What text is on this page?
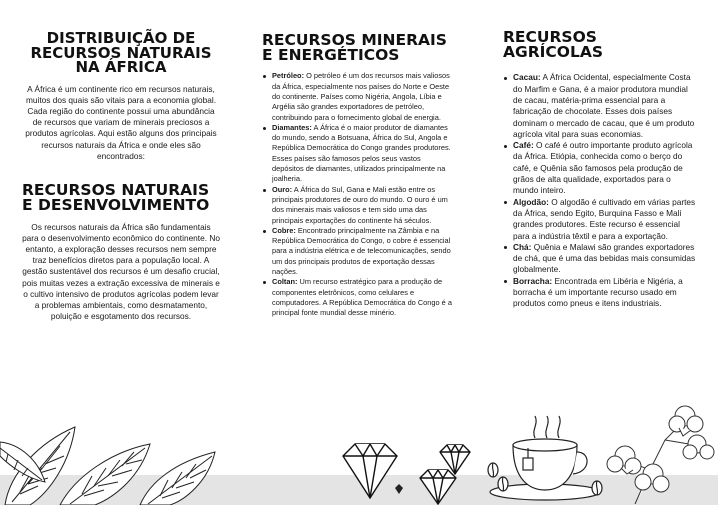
DISTRIBUIÇÃO DE RECURSOS NATURAIS NA ÁFRICA

A África é um continente rico em recursos naturais, muitos dos quais são vitais para a economia global. Cada região do continente possui uma abundância de recursos que variam de minerais preciosos a produtos agrícolas. Aqui estão alguns dos principais recursos naturais da África e onde eles são encontrados:

RECURSOS NATURAIS E DESENVOLVIMENTO

Os recursos naturais da África são fundamentais para o desenvolvimento econômico do continente. No entanto, a exploração desses recursos nem sempre traz benefícios diretos para a população local. A gestão sustentável dos recursos é um desafio crucial, pois muitas vezes a extração excessiva de minerais e o cultivo intensivo de produtos agrícolas podem levar a problemas ambientais, como desmatamento, poluição e esgotamento dos recursos.

RECURSOS MINERAIS E ENERGÉTICOS
Petróleo: O petróleo é um dos recursos mais valiosos da África, especialmente nos países do Norte e Oeste do continente. Países como Nigéria, Angola, Líbia e Argélia são grandes exportadores de petróleo, contribuindo para o fornecimento global de energia.
Diamantes: A África é o maior produtor de diamantes do mundo, sendo a Botsuana, África do Sul, Angola e República Democrática do Congo grandes produtores. Esses países são famosos pelos seus vastos depósitos de diamantes, utilizados principalmente na joalheria.
Ouro: A África do Sul, Gana e Mali estão entre os principais produtores de ouro do mundo. O ouro é um dos minerais mais valiosos e tem sido uma das principais exportações do continente há séculos.
Cobre: Encontrado principalmente na Zâmbia e na República Democrática do Congo, o cobre é essencial para a indústria elétrica e de telecomunicações, sendo um dos principais produtos de exportação dessas nações.
Coltan: Um recurso estratégico para a produção de componentes eletrônicos, como celulares e computadores. A República Democrática do Congo é a principal fonte mundial desse minério.
RECURSOS AGRÍCOLAS
Cacau: A África Ocidental, especialmente Costa do Marfim e Gana, é a maior produtora mundial de cacau, matéria-prima essencial para a fabricação de chocolate. Esses dois países dominam o mercado de cacau, que é um produto agrícola vital para suas economias.
Café: O café é outro importante produto agrícola da África. Etiópia, conhecida como o berço do café, e Quênia são famosos pela produção de grãos de alta qualidade, exportados para o mundo inteiro.
Algodão: O algodão é cultivado em várias partes da África, sendo Egito, Burquina Fasso e Mali grandes produtores. Este recurso é essencial para a indústria têxtil e para a exportação.
Chá: Quênia e Malawi são grandes exportadores de chá, que é uma das bebidas mais consumidas globalmente.
Borracha: Encontrada em Libéria e Nigéria, a borracha é um importante recurso usado em produtos como pneus e itens industriais.
